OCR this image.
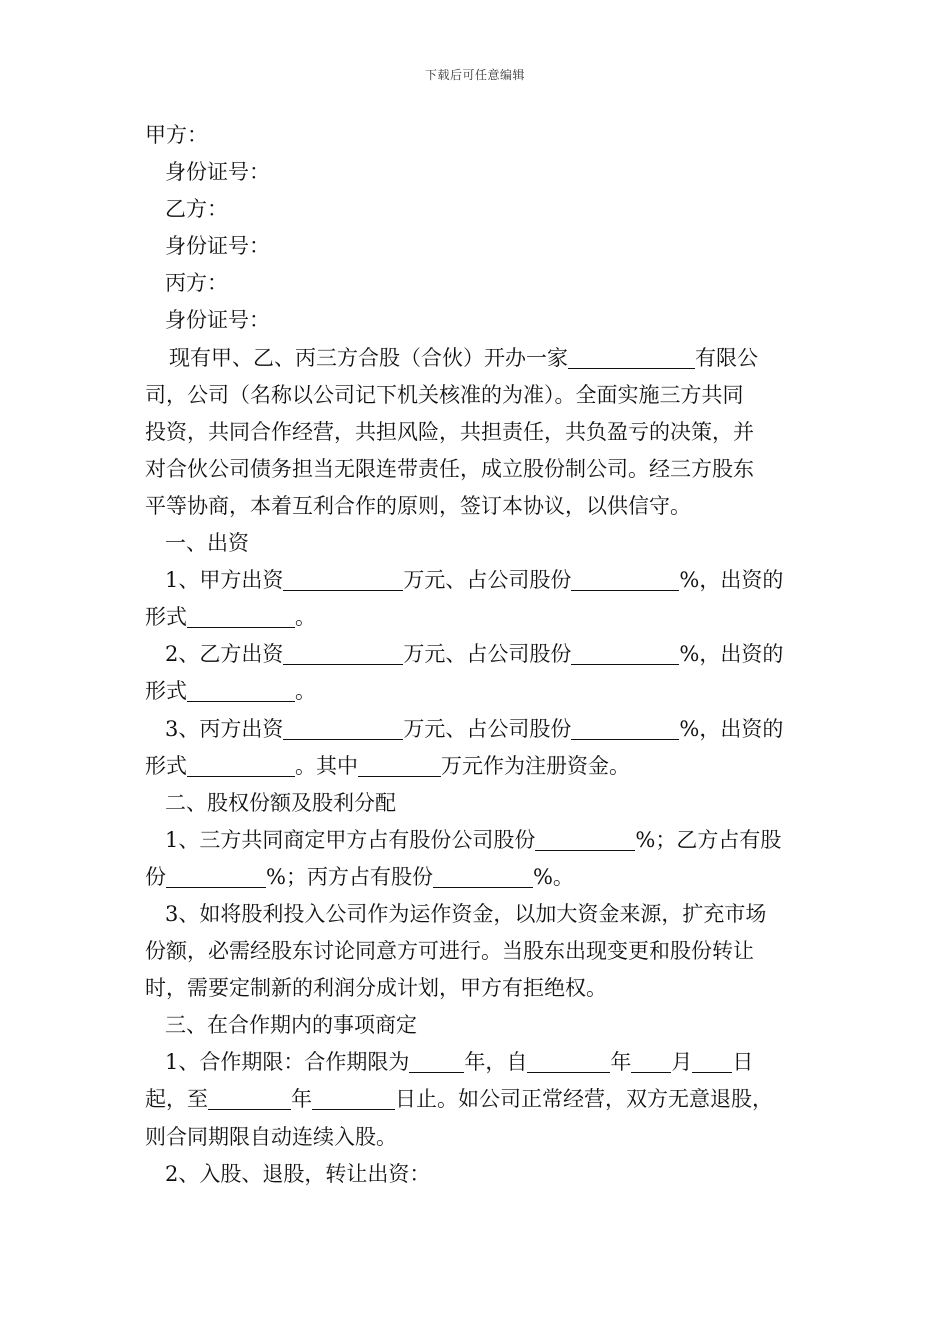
下载后可任意编辑
甲方：
身份证号：
乙方：
身份证号：
丙方：
身份证号：
现有甲、乙、丙三方合股（合伙）开办一家	有限公
司，公司（名称以公司记下机关核准的为准）。全面实施三方共同
投资，共同合作经营，共担风险，共担责任，共负盈亏的决策，并
对合伙公司债务担当无限连带责任，成立股份制公司。经三方股东
平等协商，本着互利合作的原则，签订本协议，以供信守。
一、出资
1、甲方出资	万元、占公司股份	%，出资的
形式	。
2、乙方出资	万元、占公司股份	%，出资的
形式	。
3、丙方出资	万元、占公司股份	%，出资的
形式	。其中	万元作为注册资金。
二、股权份额及股利分配
1、三方共同商定甲方占有股份公司股份	%；乙方占有股
份	%；丙方占有股份	%。
3、如将股利投入公司作为运作资金，以加大资金来源，扩充市场
份额，必需经股东讨论同意方可进行。当股东出现变更和股份转让
时，需要定制新的利润分成计划，甲方有拒绝权。
三、在合作期内的事项商定
1、合作期限：合作期限为	年，自	年 月 日
起，至	年	日止。如公司正常经营，双方无意退股，
则合同期限自动连续入股。
2、入股、退股，转让出资：
